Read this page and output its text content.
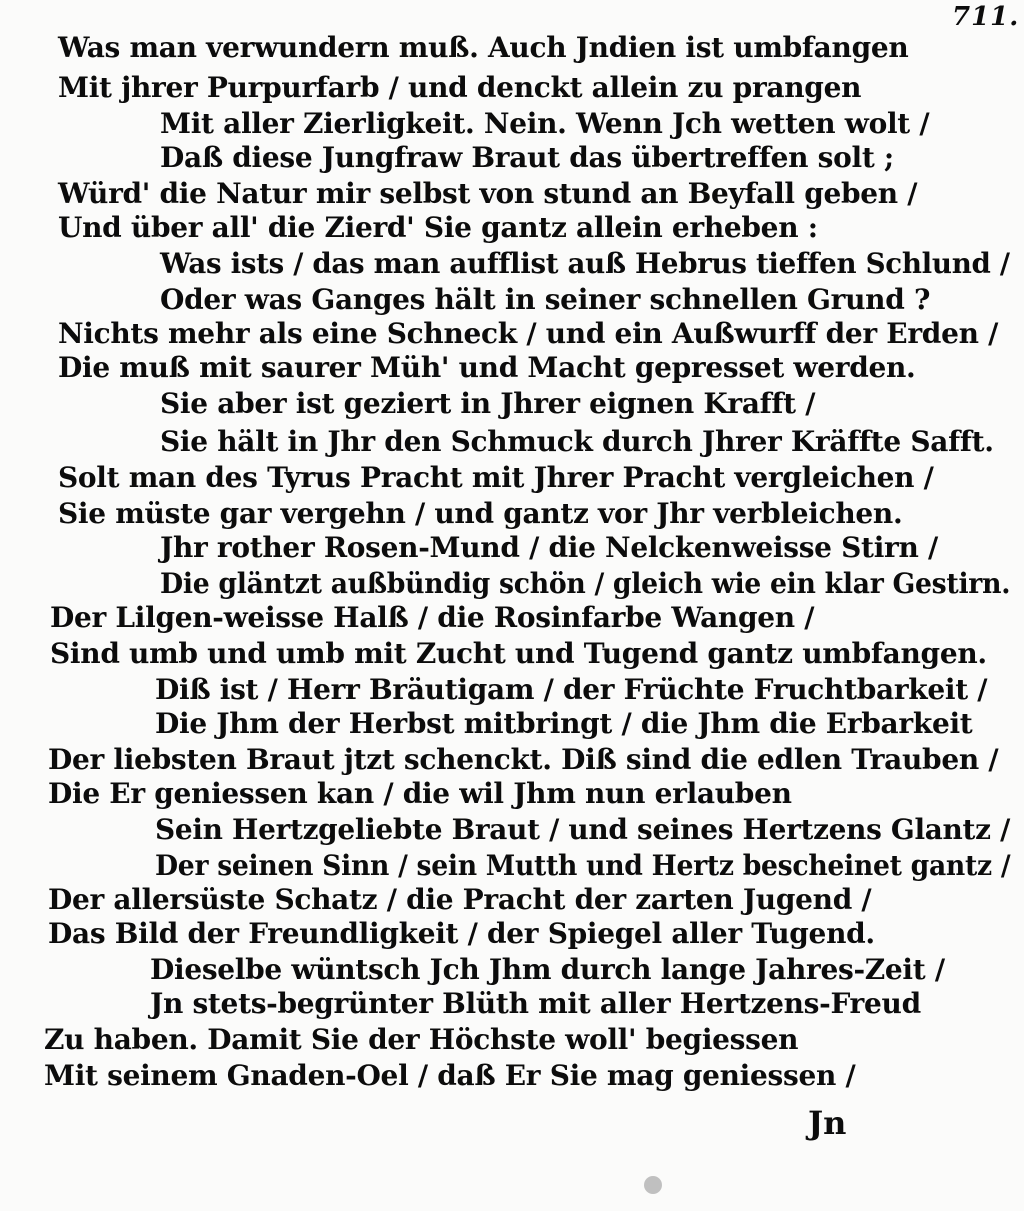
711.
Was man verwundern muß. Auch Jndien ist umbfangen
Mit jhrer Purpurfarb / und denckt allein zu prangen
Mit aller Zierligkeit. Nein. Wenn Jch wetten wolt /
Daß diese Jungfraw Braut das übertreffen solt ;
Würd' die Natur mir selbst von stund an Beyfall geben /
Und über all' die Zierd' Sie gantz allein erheben :
Was ists / das man aufflist auß Hebrus tieffen Schlund /
Oder was Ganges hält in seiner schnellen Grund ?
Nichts mehr als eine Schneck / und ein Außwurff der Erden /
Die muß mit saurer Müh' und Macht gepresset werden.
Sie aber ist geziert in Jhrer eignen Krafft /
Sie hält in Jhr den Schmuck durch Jhrer Kräffte Safft.
Solt man des Tyrus Pracht mit Jhrer Pracht vergleichen /
Sie müste gar vergehn / und gantz vor Jhr verbleichen.
Jhr rother Rosen-Mund / die Nelckenweisse Stirn /
Die gläntzt außbündig schön / gleich wie ein klar Gestirn.
Der Lilgen-weisse Halß / die Rosinfarbe Wangen /
Sind umb und umb mit Zucht und Tugend gantz umbfangen.
Diß ist / Herr Bräutigam / der Früchte Fruchtbarkeit /
Die Jhm der Herbst mitbringt / die Jhm die Erbarkeit
Der liebsten Braut jtzt schenckt. Diß sind die edlen Trauben /
Die Er geniessen kan / die wil Jhm nun erlauben
Sein Hertzgeliebte Braut / und seines Hertzens Glantz /
Der seinen Sinn / sein Mutth und Hertz bescheinet gantz /
Der allersüste Schatz / die Pracht der zarten Jugend /
Das Bild der Freundligkeit / der Spiegel aller Tugend.
Dieselbe wüntsch Jch Jhm durch lange Jahres-Zeit /
Jn stets-begrünter Blüth mit aller Hertzens-Freud
Zu haben. Damit Sie der Höchste woll' begiessen
Mit seinem Gnaden-Oel / daß Er Sie mag geniessen /
Jn
